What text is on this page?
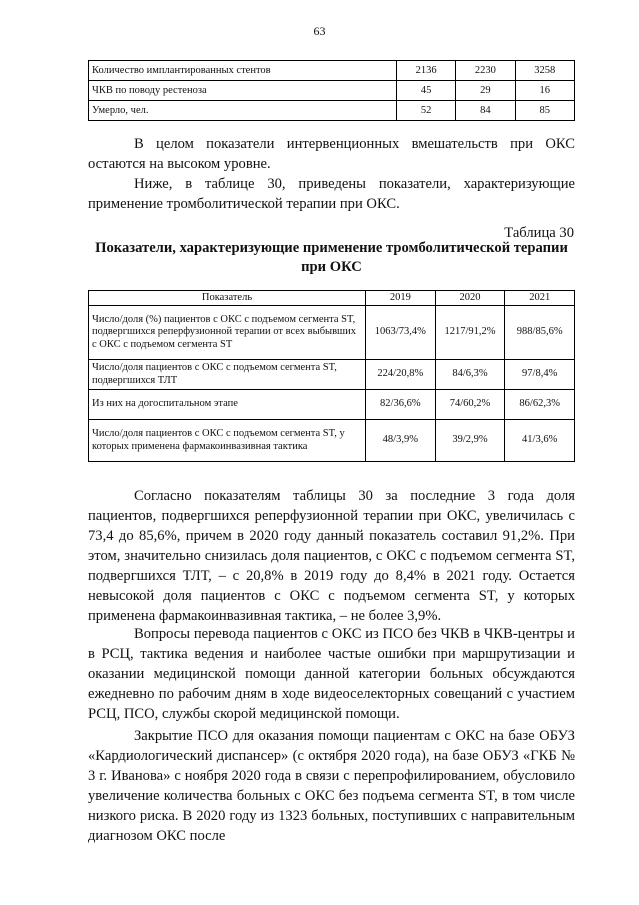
63
Количество имплантированных стентов	2136	2230	3258
ЧКВ по поводу рестеноза	45	29	16
Умерло, чел.	52	84	85

В целом показатели интервенционных вмешательств при ОКС остаются на высоком уровне.

Ниже, в таблице 30, приведены показатели, характеризующие применение тромболитической терапии при ОКС.

Таблица 30
Показатели, характеризующие применение тромболитической терапии при ОКС
Показатель	2019	2020	2021
Число/доля (%) пациентов с ОКС с подъемом сегмента ST, подвергшихся реперфузионной терапии от всех выбывших с ОКС с подъемом сегмента ST	1063/73,4%	1217/91,2%	988/85,6%
Число/доля пациентов с ОКС с подъемом сегмента ST, подвергшихся ТЛТ	224/20,8%	84/6,3%	97/8,4%
Из них на догоспитальном этапе	82/36,6%	74/60,2%	86/62,3%
Число/доля пациентов с ОКС с подъемом сегмента ST, у которых применена фармакоинвазивная тактика	48/3,9%	39/2,9%	41/3,6%

Согласно показателям таблицы 30 за последние 3 года доля пациентов, подвергшихся реперфузионной терапии при ОКС, увеличилась с 73,4 до 85,6%, причем в 2020 году данный показатель составил 91,2%. При этом, значительно снизилась доля пациентов, с ОКС с подъемом сегмента ST, подвергшихся ТЛТ, – с 20,8% в 2019 году до 8,4% в 2021 году. Остается невысокой доля пациентов с ОКС с подъемом сегмента ST, у которых применена фармакоинвазивная тактика, – не более 3,9%.

Вопросы перевода пациентов с ОКС из ПСО без ЧКВ в ЧКВ-центры и в РСЦ, тактика ведения и наиболее частые ошибки при маршрутизации и оказании медицинской помощи данной категории больных обсуждаются ежедневно по рабочим дням в ходе видеоселекторных совещаний с участием РСЦ, ПСО, службы скорой медицинской помощи.

Закрытие ПСО для оказания помощи пациентам с ОКС на базе ОБУЗ «Кардиологический диспансер» (с октября 2020 года), на базе ОБУЗ «ГКБ № 3 г. Иванова» с ноября 2020 года в связи с перепрофилированием, обусловило увеличение количества больных с ОКС без подъема сегмента ST, в том числе низкого риска. В 2020 году из 1323 больных, поступивших с направительным диагнозом ОКС после
